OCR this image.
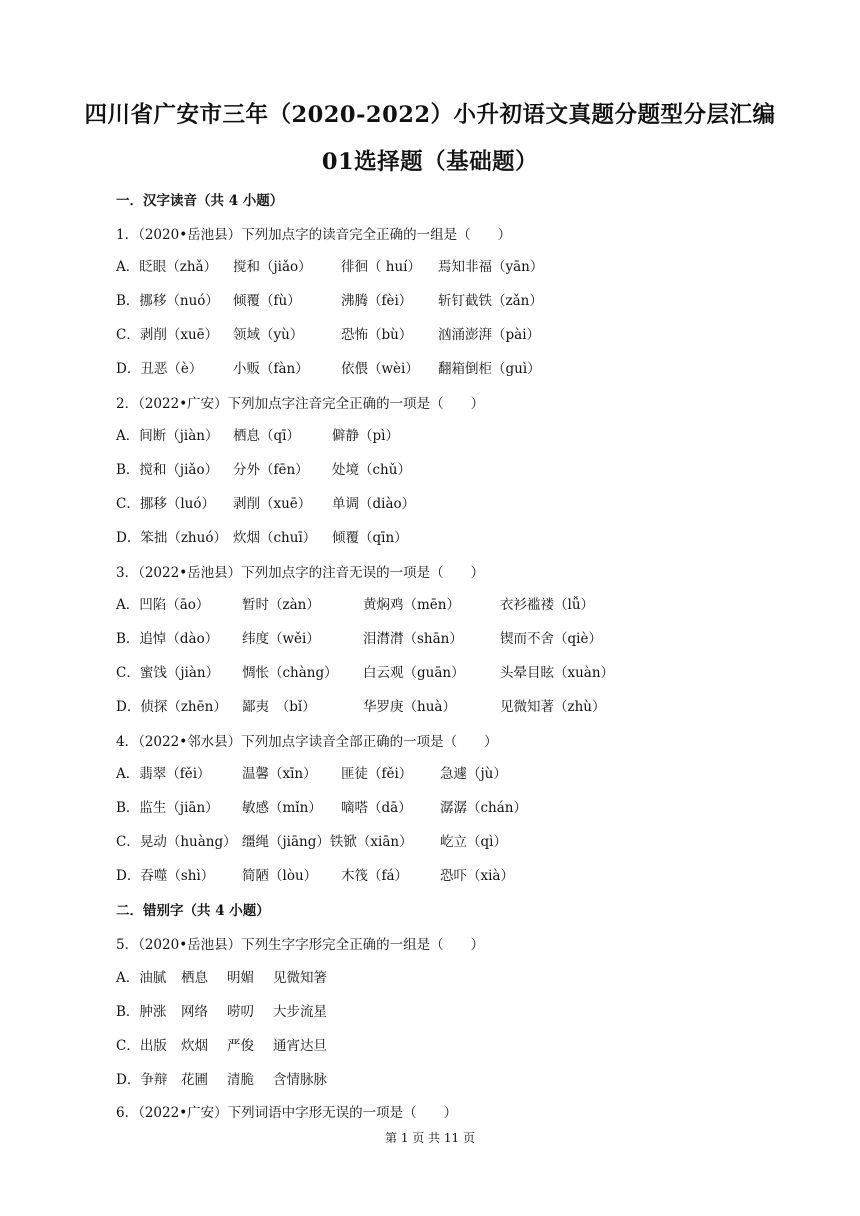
四川省广安市三年（2020-2022）小升初语文真题分题型分层汇编
01选择题（基础题）
一．汉字读音（共 4 小题）
1．（2020•岳池县）下列加点字的读音完全正确的一组是（　　）
A．眨眼（zhǎ） 搅和（jiǎo） 徘徊（ huí） 焉知非福（yān）
B．挪移（nuó） 倾覆（fù）	沸腾（fèi） 斩钉截铁（zǎn）
C．剥削（xuē） 领域（yù）	恐怖（bù） 汹涌澎湃（pài）
D．丑恶（è） 小贩（fàn） 依偎（wèi） 翻箱倒柜（guì）
2．（2022•广安）下列加点字注音完全正确的一项是（　　）
A．间断（jiàn） 栖息（qī） 僻静（pì）
B．搅和（jiǎo） 分外（fēn） 处境（chǔ）
C．挪移（luó） 剥削（xuē） 单调（diào）
D．笨拙（zhuó） 炊烟（chuī） 倾覆（qīn）
3．（2022•岳池县）下列加点字的注音无误的一项是（　　）
A．凹陷（āo） 暂时（zàn）	黄焖鸡（mēn）	衣衫褴褛（lǚ）
B．追悼（dào） 纬度（wěi）	泪潸潸（shān）	锲而不舍（qiè）
C．蜜饯（jiàn） 惆怅（chàng） 白云观（guān）	头晕目眩（xuàn）
D．侦探（zhēn） 鄙夷　（bǐ）	华罗庚（huà）	见微知著（zhù）
4．（2022•邻水县）下列加点字读音全部正确的一项是（　　）
A．翡翠（fěi） 温馨（xīn） 匪徒（fěi） 急遽（jù）
B．监生（jiān） 敏感（mǐn） 嘀嗒（dā） 潺潺（chán）
C．晃动（huàng） 缰绳（jiāng）铁锨（xiān） 屹立（qì）
D．吞噬（shì） 简陋（lòu） 木筏（fá） 恐吓（xià）
二．错别字（共 4 小题）
5．（2020•岳池县）下列生字字形完全正确的一组是（　　）
A．油腻 栖息 明媚 见微知箸
B．肿涨 网络 唠叨 大步流星
C．出版 炊烟 严俊 通宵达旦
D．争辩 花圃 清脆 含情脉脉
6．（2022•广安）下列词语中字形无误的一项是（　　）
第 1 页 共 11 页
